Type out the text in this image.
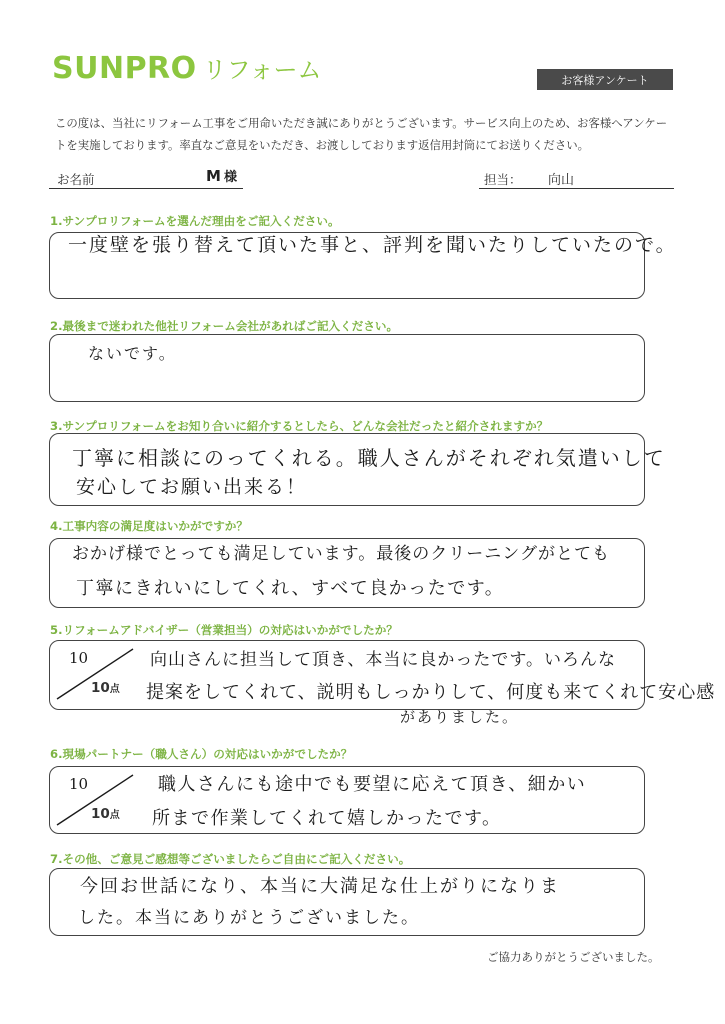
SUNPRO リフォーム	お客様アンケート
この度は、当社にリフォーム工事をご用命いただき誠にありがとうございます。サービス向上のため、お客様へアンケートを実施しております。率直なご意見をいただき、お渡ししております返信用封筒にてお送りください。
お名前	M 様	担当： 向山
1.サンプロリフォームを選んだ理由をご記入ください。
一度壁を張り替えて頂いた事と、評判を聞いたりしていたので。
2.最後まで迷われた他社リフォーム会社があればご記入ください。
ないです。
3.サンプロリフォームをお知り合いに紹介するとしたら、どんな会社だったと紹介されますか？
丁寧に相談にのってくれる。職人さんがそれぞれ気遣いして
安心してお願い出来る！
4.工事内容の満足度はいかがですか？
おかげ様でとっても満足しています。最後のクリーニングがとても
丁寧にきれいにしてくれ、すべて良かったです。
5.リフォームアドバイザー（営業担当）の対応はいかがでしたか？
10
10点
向山さんに担当して頂き、本当に良かったです。いろんな
提案をしてくれて、説明もしっかりして、何度も来てくれて安心感
がありました。
6.現場パートナー（職人さん）の対応はいかがでしたか？
10
10点
職人さんにも途中でも要望に応えて頂き、細かい
所まで作業してくれて嬉しかったです。
7.その他、ご意見ご感想等ございましたらご自由にご記入ください。
今回お世話になり、本当に大満足な仕上がりになりま
した。本当にありがとうございました。
ご協力ありがとうございました。
